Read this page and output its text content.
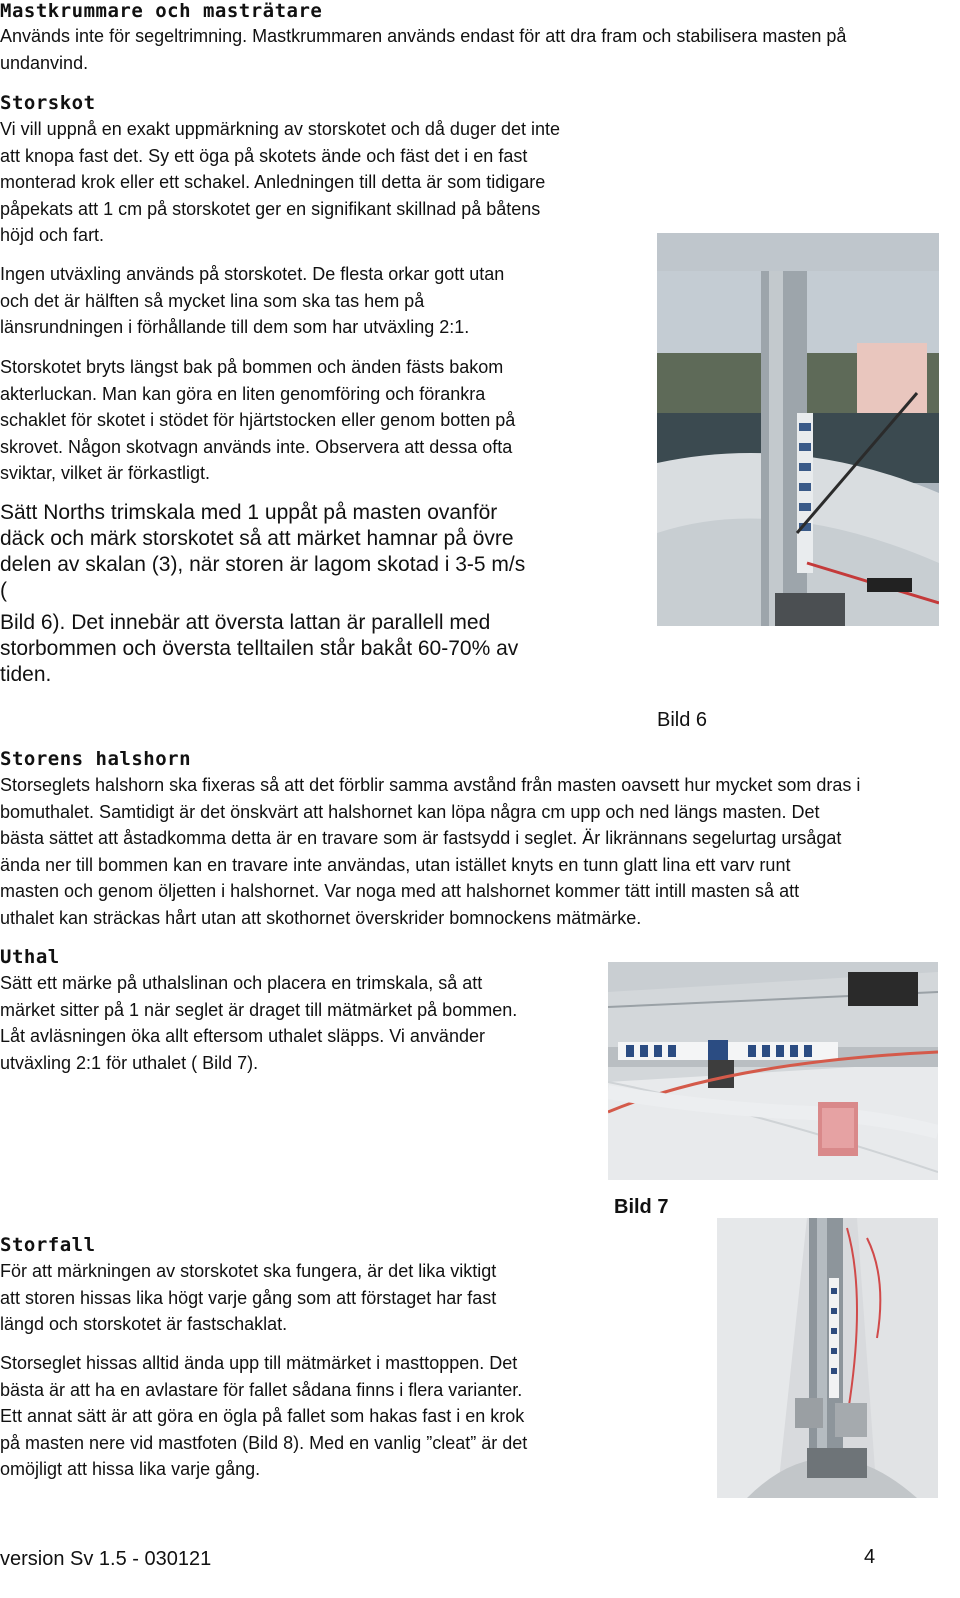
Mastkrummare och masträtare

Används inte för segeltrimning. Mastkrummaren används endast för att dra fram och stabilisera masten på

undanvind.

Storskot

Vi vill uppnå en exakt uppmärkning av storskotet och då duger det inte

att knopa fast det. Sy ett öga på skotets ände och fäst det i en fast

monterad krok eller ett schakel. Anledningen till detta är som tidigare

påpekats att 1 cm på storskotet ger en signifikant skillnad på båtens

höjd och fart.

Ingen utväxling används på storskotet. De flesta orkar gott utan

och det är hälften så mycket lina som ska tas hem på

länsrundningen i förhållande till dem som har utväxling 2:1.

Storskotet bryts längst bak på bommen och änden fästs bakom

akterluckan. Man kan göra en liten genomföring och förankra

schaklet för skotet i stödet för hjärtstocken eller genom botten på

skrovet. Någon skotvagn används inte. Observera att dessa ofta

sviktar, vilket är förkastligt.

Sätt Norths trimskala med 1 uppåt på masten ovanför

däck och märk storskotet så att märket hamnar på övre

delen av skalan (3), när storen är lagom skotad i 3-5 m/s

(

Bild 6). Det innebär att översta lattan är parallell med

storbommen och översta telltailen står bakåt 60-70% av

tiden.

Bild 6
Storens halshorn

Storseglets halshorn ska fixeras så att det förblir samma avstånd från masten oavsett hur mycket som dras i

bomuthalet. Samtidigt är det önskvärt att halshornet kan löpa några cm upp och ned längs masten. Det

bästa sättet att åstadkomma detta är en travare som är fastsydd i seglet. Är likrännans segelurtag ursågat

ända ner till bommen kan en travare inte användas, utan istället knyts en tunn glatt lina ett varv runt

masten och genom öljetten i halshornet. Var noga med att halshornet kommer tätt intill masten så att

uthalet kan sträckas hårt utan att skothornet överskrider bomnockens mätmärke.

Uthal

Sätt ett märke på uthalslinan och placera en trimskala, så att

märket sitter på 1 när seglet är draget till mätmärket på bommen.

Låt avläsningen öka allt eftersom uthalet släpps. Vi använder

utväxling 2:1 för uthalet ( Bild 7).

Bild 7
Storfall

För att märkningen av storskotet ska fungera, är det lika viktigt

att storen hissas lika högt varje gång som att förstaget har fast

längd och storskotet är fastschaklat.

Storseglet hissas alltid ända upp till mätmärket i masttoppen. Det

bästa är att ha en avlastare för fallet sådana finns i flera varianter.

Ett annat sätt är att göra en ögla på fallet som hakas fast i en krok

på masten nere vid mastfoten (Bild 8). Med en vanlig ”cleat” är det

omöjligt att hissa lika varje gång.

version Sv 1.5 - 030121	4
